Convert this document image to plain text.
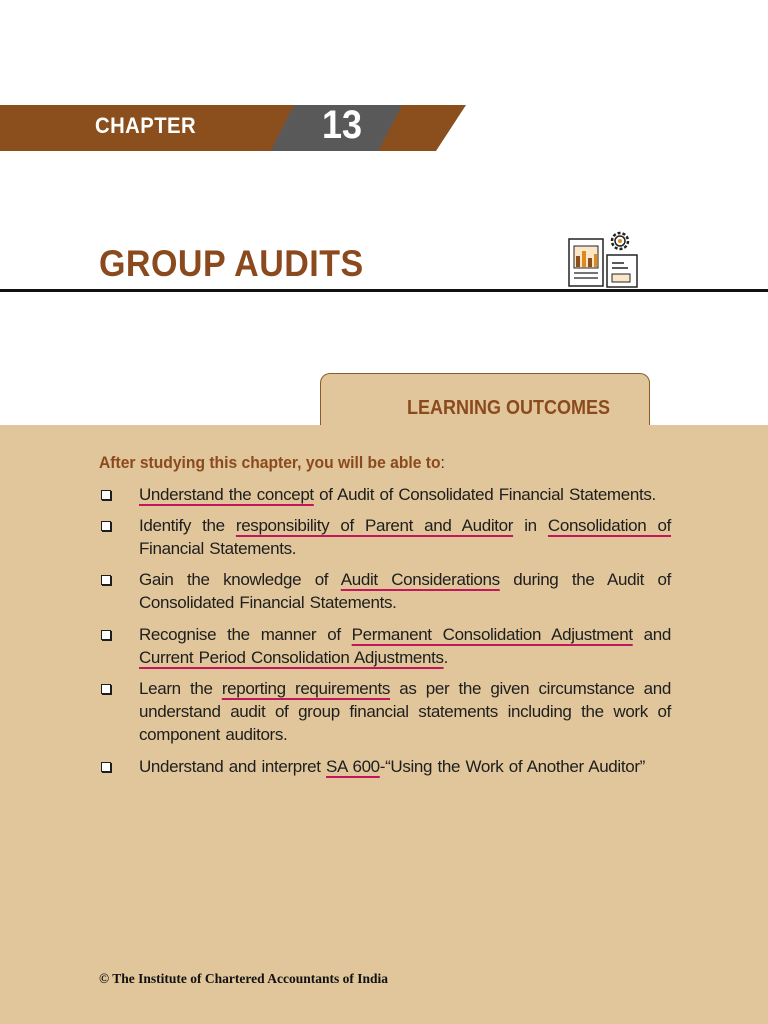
CHAPTER	13
GROUP AUDITS
LEARNING OUTCOMES
After studying this chapter, you will be able to:
Understand the concept of Audit of Consolidated Financial Statements.
Identify the responsibility of Parent and Auditor in Consolidation of Financial Statements.
Gain the knowledge of Audit Considerations during the Audit of Consolidated Financial Statements.
Recognise the manner of Permanent Consolidation Adjustment and Current Period Consolidation Adjustments.
Learn the reporting requirements as per the given circumstance and understand audit of group financial statements including the work of component auditors.
Understand and interpret SA 600-“Using the Work of Another Auditor”
© The Institute of Chartered Accountants of India
